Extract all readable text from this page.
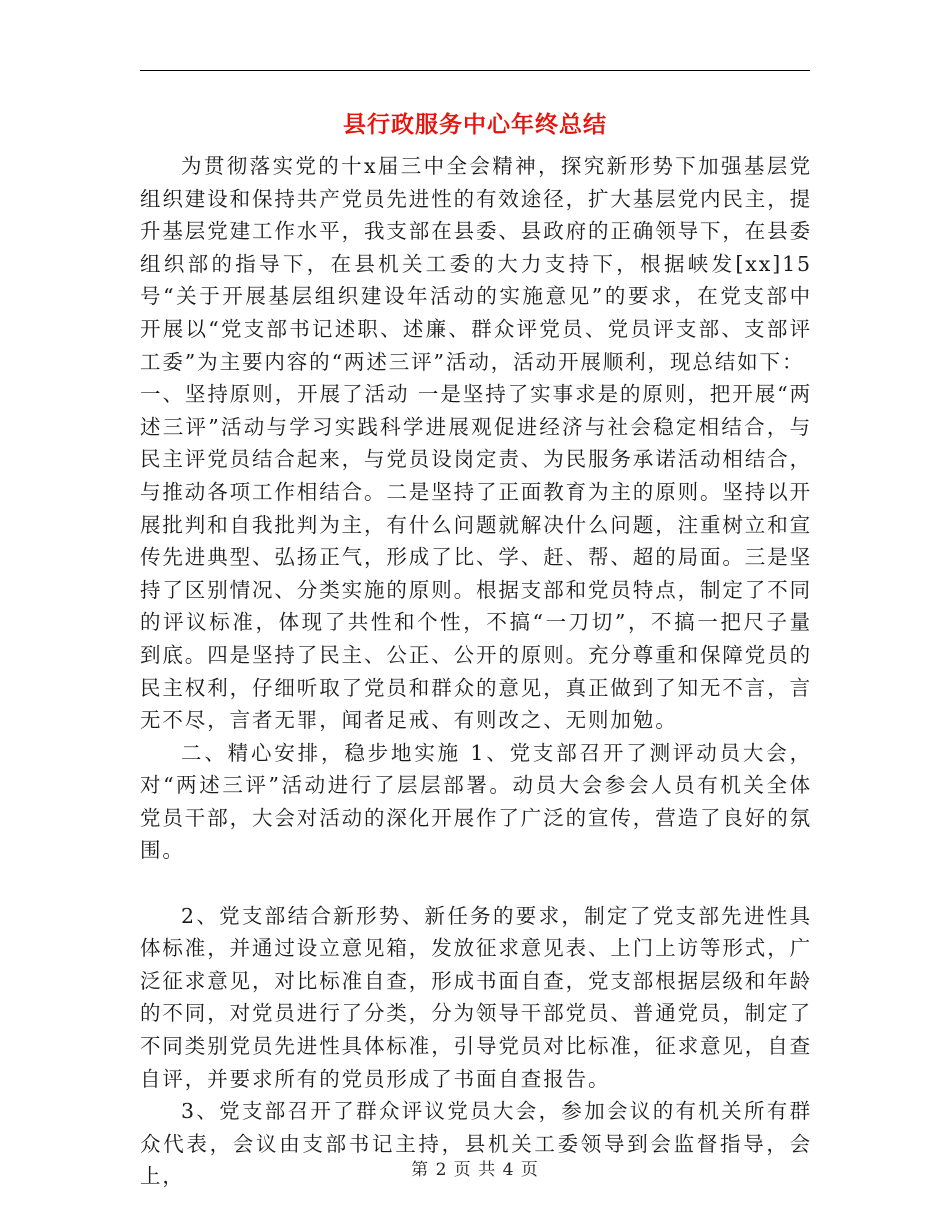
县行政服务中心年终总结

为贯彻落实党的十x届三中全会精神，探究新形势下加强基层党组织建设和保持共产党员先进性的有效途径，扩大基层党内民主，提升基层党建工作水平，我支部在县委、县政府的正确领导下，在县委组织部的指导下，在县机关工委的大力支持下，根据峡发[xx]15号“关于开展基层组织建设年活动的实施意见”的要求，在党支部中开展以“党支部书记述职、述廉、群众评党员、党员评支部、支部评工委”为主要内容的“两述三评”活动，活动开展顺利，现总结如下：

一、坚持原则，开展了活动 一是坚持了实事求是的原则，把开展“两述三评”活动与学习实践科学进展观促进经济与社会稳定相结合，与民主评党员结合起来，与党员设岗定责、为民服务承诺活动相结合，与推动各项工作相结合。二是坚持了正面教育为主的原则。坚持以开展批判和自我批判为主，有什么问题就解决什么问题，注重树立和宣传先进典型、弘扬正气，形成了比、学、赶、帮、超的局面。三是坚持了区别情况、分类实施的原则。根据支部和党员特点，制定了不同的评议标准，体现了共性和个性，不搞“一刀切”，不搞一把尺子量到底。四是坚持了民主、公正、公开的原则。充分尊重和保障党员的民主权利，仔细听取了党员和群众的意见，真正做到了知无不言，言无不尽，言者无罪，闻者足戒、有则改之、无则加勉。

二、精心安排，稳步地实施 1、党支部召开了测评动员大会，对“两述三评”活动进行了层层部署。动员大会参会人员有机关全体党员干部，大会对活动的深化开展作了广泛的宣传，营造了良好的氛围。

2、党支部结合新形势、新任务的要求，制定了党支部先进性具体标准，并通过设立意见箱，发放征求意见表、上门上访等形式，广泛征求意见，对比标准自查，形成书面自查，党支部根据层级和年龄的不同，对党员进行了分类，分为领导干部党员、普通党员，制定了不同类别党员先进性具体标准，引导党员对比标准，征求意见，自查自评，并要求所有的党员形成了书面自查报告。

3、党支部召开了群众评议党员大会，参加会议的有机关所有群众代表，会议由支部书记主持，县机关工委领导到会监督指导，会上，	第 2 页 共 4 页
